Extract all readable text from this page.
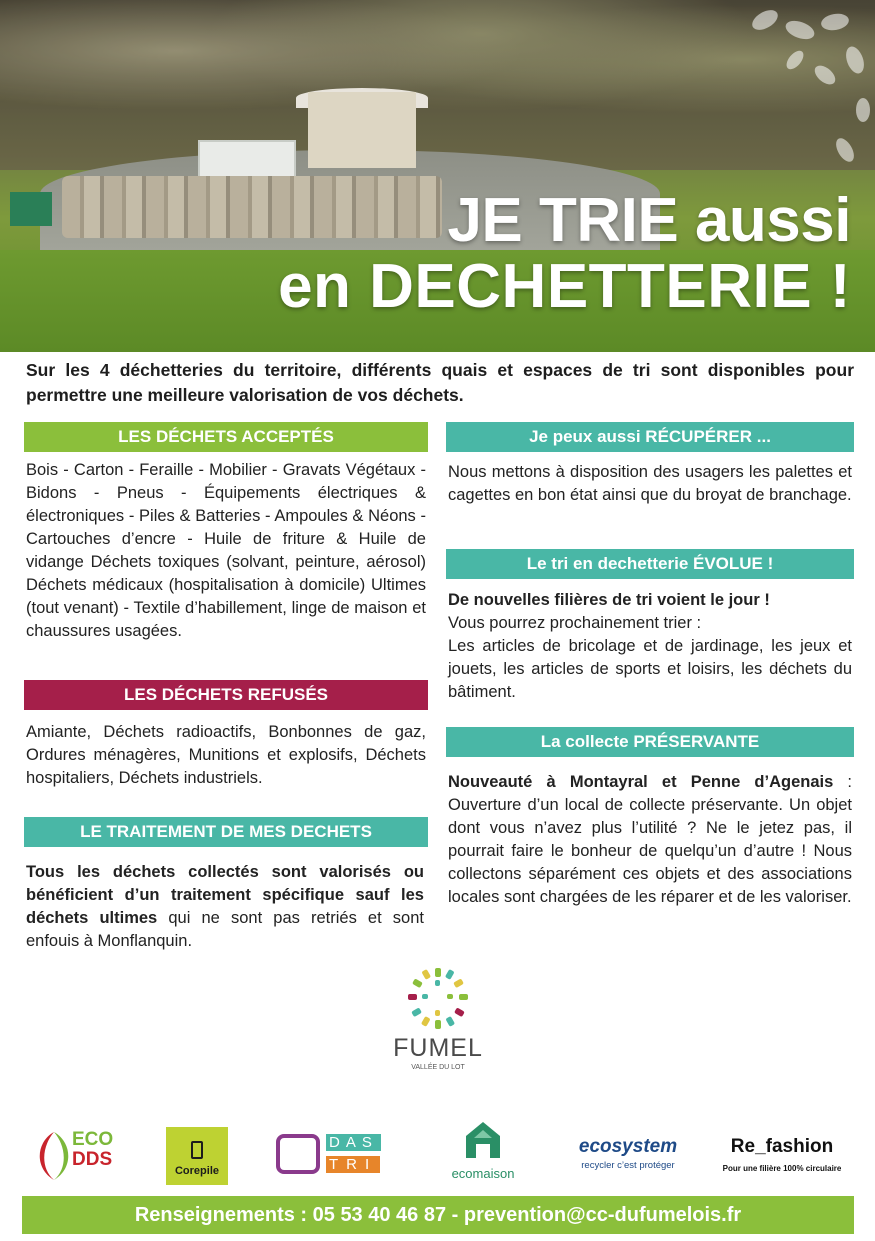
JE TRIE aussi
en DECHETTERIE !

Sur les 4 déchetteries du territoire, différents quais et espaces de tri sont disponibles pour permettre une meilleure valorisation de vos déchets.

LES DÉCHETS ACCEPTÉS

Bois - Carton - Feraille - Mobilier - Gravats Végétaux - Bidons - Pneus - Équipements électriques & électroniques - Piles & Batteries - Ampoules & Néons - Cartouches d’encre - Huile de friture & Huile de vidange Déchets toxiques (solvant, peinture, aérosol) Déchets médicaux (hospitalisation à domicile) Ultimes (tout venant) - Textile d’habillement, linge de maison et chaussures usagées.

LES DÉCHETS REFUSÉS

Amiante, Déchets radioactifs, Bonbonnes de gaz, Ordures ménagères, Munitions et explosifs, Déchets hospitaliers, Déchets industriels.

LE TRAITEMENT DE MES DECHETS

Tous les déchets collectés sont valorisés ou bénéficient d’un traitement spécifique sauf les déchets ultimes qui ne sont pas retriés et sont enfouis à Monflanquin.

Je peux aussi RÉCUPÉRER ...

Nous mettons à disposition des usagers les palettes et cagettes en bon état ainsi que du broyat de branchage.

Le tri en dechetterie ÉVOLUE !
De nouvelles filières de tri voient le jour !
Vous pourrez prochainement trier :
Les articles de bricolage et de jardinage, les jeux et jouets, les articles de sports et loisirs, les déchets du bâtiment.
La collecte PRÉSERVANTE

Nouveauté à Montayral et Penne d’Agenais : Ouverture d’un local de collecte préservante. Un objet dont vous n’avez plus l’utilité ? Ne le jetez pas, il pourrait faire le bonheur de quelqu’un d’autre ! Nous collectons séparément ces objets et des associations locales sont chargées de les réparer et de les valoriser.

FUMEL
VALLÉE DU LOT
ECO
DDS
Corepile
DAS
TRI
ecomaison
ecosystem
recycler c’est protéger
Re_fashion
Pour une filière 100% circulaire
Renseignements : 05 53 40 46 87 - prevention@cc-dufumelois.fr
